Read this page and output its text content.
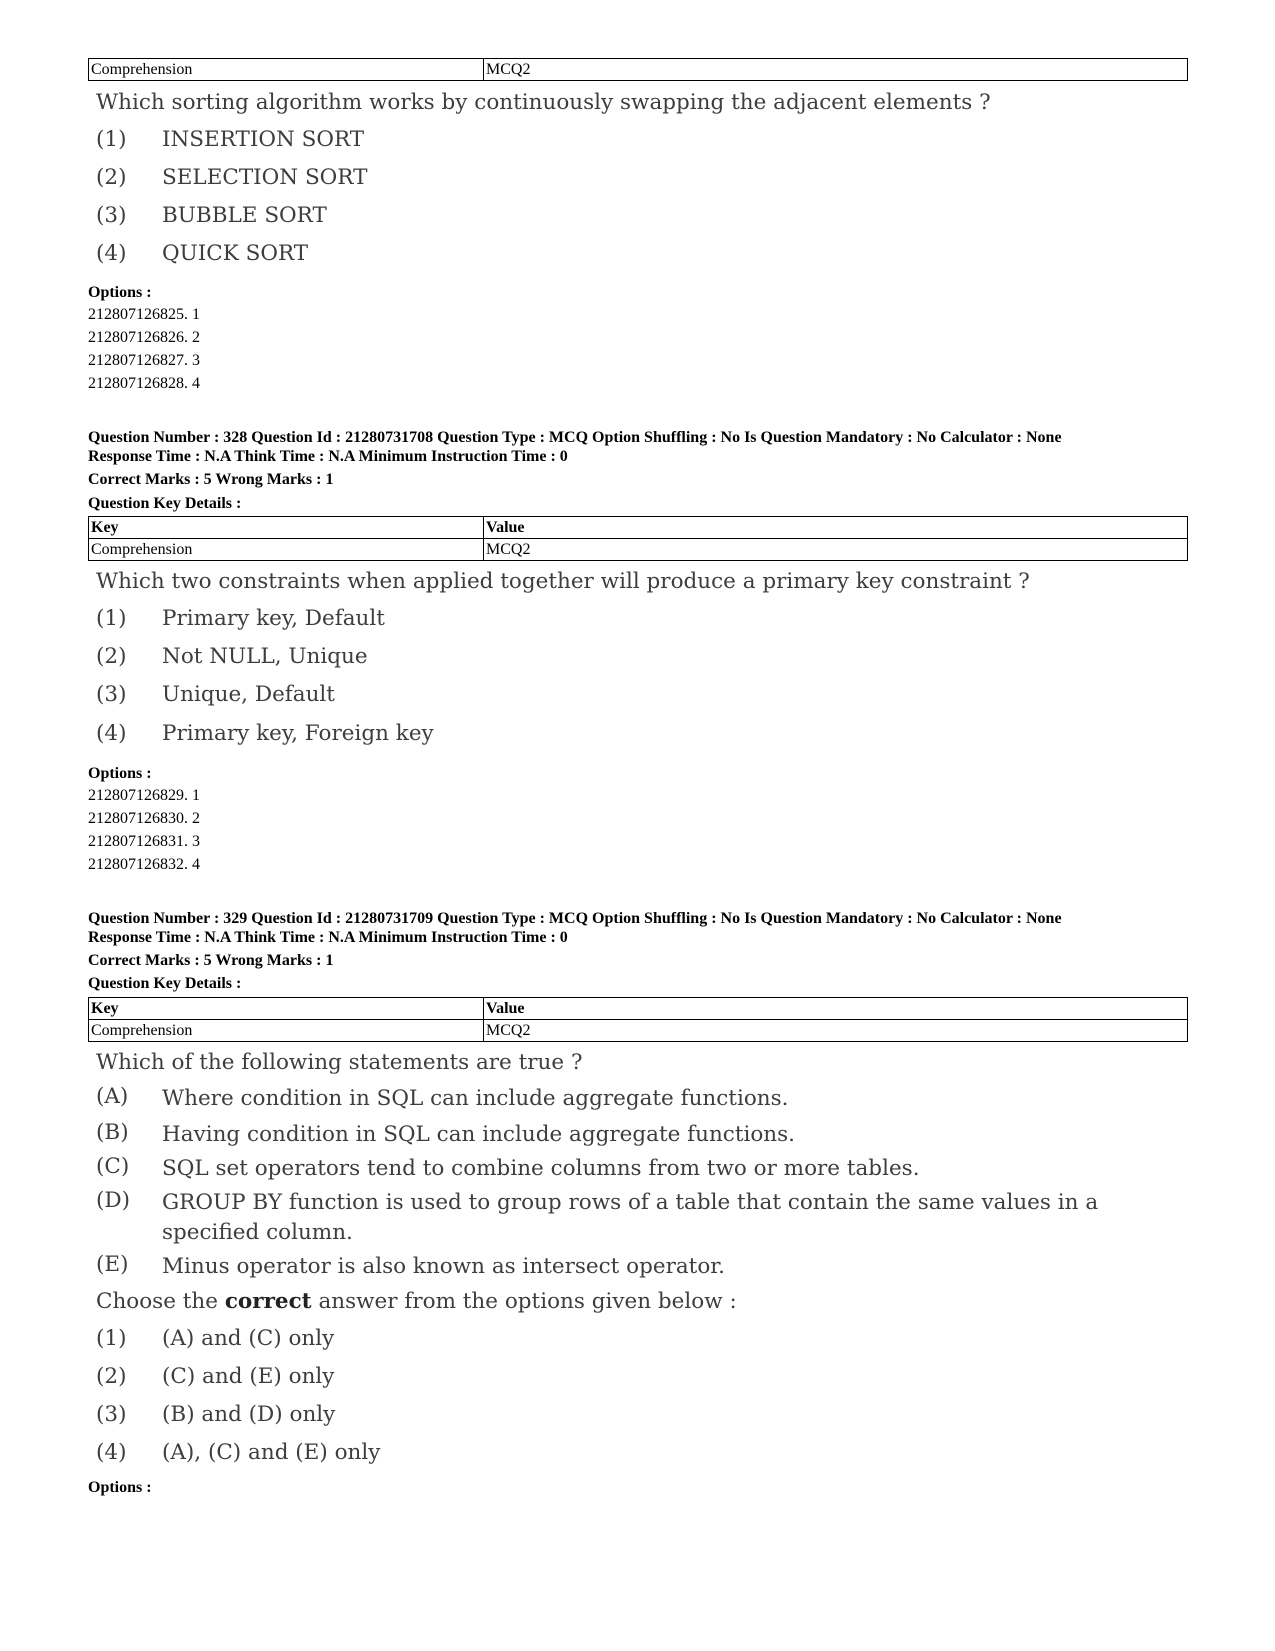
Comprehension	MCQ2
Which sorting algorithm works by continuously swapping the adjacent elements ?
(1) INSERTION SORT
(2) SELECTION SORT
(3) BUBBLE SORT
(4) QUICK SORT
Options :
212807126825. 1
212807126826. 2
212807126827. 3
212807126828. 4
Question Number : 328 Question Id : 21280731708 Question Type : MCQ Option Shuffling : No Is Question Mandatory : No Calculator : None
Response Time : N.A Think Time : N.A Minimum Instruction Time : 0
Correct Marks : 5 Wrong Marks : 1
Question Key Details :
Key	Value
Comprehension	MCQ2
Which two constraints when applied together will produce a primary key constraint ?
(1) Primary key, Default
(2) Not NULL, Unique
(3) Unique, Default
(4) Primary key, Foreign key
Options :
212807126829. 1
212807126830. 2
212807126831. 3
212807126832. 4
Question Number : 329 Question Id : 21280731709 Question Type : MCQ Option Shuffling : No Is Question Mandatory : No Calculator : None
Response Time : N.A Think Time : N.A Minimum Instruction Time : 0
Correct Marks : 5 Wrong Marks : 1
Question Key Details :
Key	Value
Comprehension	MCQ2
Which of the following statements are true ?
(A) Where condition in SQL can include aggregate functions.
(B) Having condition in SQL can include aggregate functions.
(C) SQL set operators tend to combine columns from two or more tables.
(D) GROUP BY function is used to group rows of a table that contain the same values in a specified column.
(E) Minus operator is also known as intersect operator.
Choose the correct answer from the options given below :
(1) (A) and (C) only
(2) (C) and (E) only
(3) (B) and (D) only
(4) (A), (C) and (E) only
Options :
